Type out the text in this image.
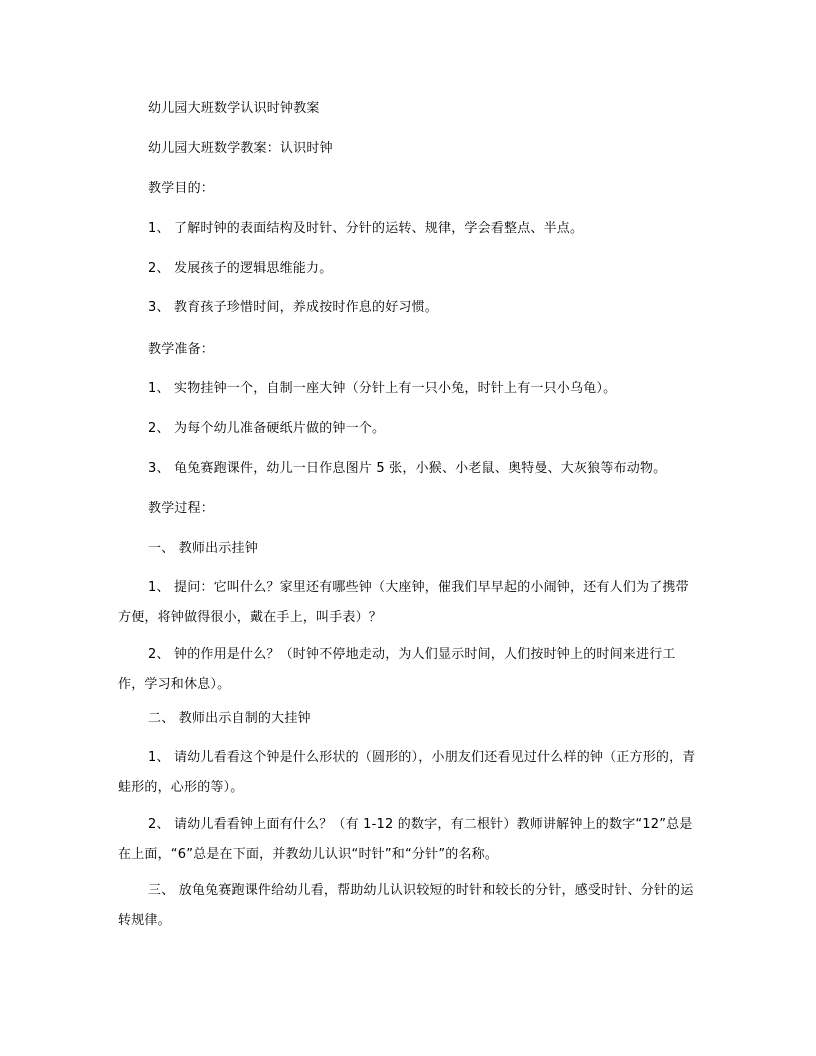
幼儿园大班数学认识时钟教案
幼儿园大班数学教案：认识时钟
教学目的：
1、 了解时钟的表面结构及时针、分针的运转、规律，学会看整点、半点。
2、 发展孩子的逻辑思维能力。
3、 教育孩子珍惜时间，养成按时作息的好习惯。
教学准备：
1、 实物挂钟一个，自制一座大钟（分针上有一只小兔，时针上有一只小乌龟）。
2、 为每个幼儿准备硬纸片做的钟一个。
3、 龟兔赛跑课件，幼儿一日作息图片 5 张，小猴、小老鼠、奥特曼、大灰狼等布动物。
教学过程：
一、 教师出示挂钟
1、 提问：它叫什么？家里还有哪些钟（大座钟，催我们早早起的小闹钟，还有人们为了携带方便，将钟做得很小，戴在手上，叫手表）？
2、 钟的作用是什么？（时钟不停地走动，为人们显示时间，人们按时钟上的时间来进行工作，学习和休息）。
二、 教师出示自制的大挂钟
1、 请幼儿看看这个钟是什么形状的（圆形的），小朋友们还看见过什么样的钟（正方形的，青蛙形的，心形的等）。
2、 请幼儿看看钟上面有什么？（有 1-12 的数字，有二根针）教师讲解钟上的数字“12”总是在上面，“6”总是在下面，并教幼儿认识“时针”和“分针”的名称。
三、 放龟兔赛跑课件给幼儿看，帮助幼儿认识较短的时针和较长的分针，感受时针、分针的运转规律。
